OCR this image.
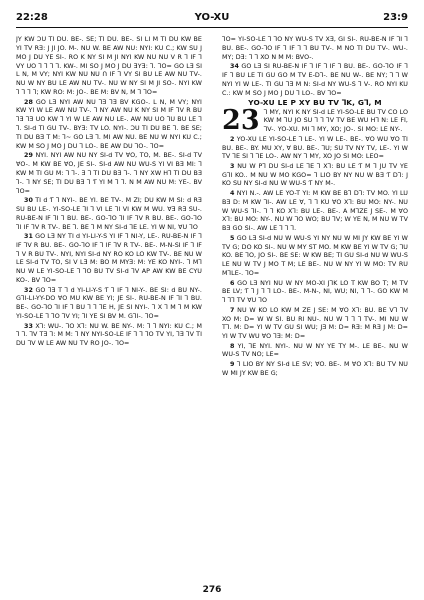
22:28	YO-XU	23:9

JY KW ƆU TI DU. BE-. SE; TI DU. BE-. SI LI M TI DU KW BE YI TV RƎ: J JI JO. M-. NU W. BE AW NU: NYI: KU C.; KW SU J MO J DU YE SI-. RO K NY SI M JI NYI KW NU NU V R ꓶ IF ꓶ VY UO ꓶ ꓶ ꓶ ꓶ. KW-. MI SO J MO J DU ƎYƎ: ꓶ. ꓶO= GO LƎ SI L N, M VY; NYI KW NU NU ꓵ IF ꓶ VY SI BU LE AW NU TV-. NU W NY BU LE AW NU TV-. NU W NY SI M JI SO-. NYI KW ꓶ ꓶ ꓶ ꓶ; KW RO: M: JO-. BE M: BV N, M ꓶ ꓶO=

28 GO LƎ NYI AW NU ꓶƎ ꓶƎ BV KGO-. L N, M VY; NYI KW YI W LE AW NU TV-. ꓶ NY AW NU K NY SI M IF ꓶV R BU ꓶƎ ꓶƎ UO KW ꓶ YI W LE AW NU LE-. AW NU UO ꓶU BU LE ꓶ ꓶ. SI-d TI GU TV-. BYƎ: TV LO. NYI-. ƆU TI DU BE ꓶ. BE SE; TI DU BƎ T M: ꓶ~ GO LƎ ꓶ. MI AW NU. BE NU W NYI KU C.; KW M SO J MO J DU ꓶ LO-. BE AW DU ꓶO-. ꓶO=

29 NYI. NYI AW NU NY SI-d TV ꓯO, TO, M. BE-. SI-d TV ꓯO-. M KW BE ꓯO, JE SI-. SI-d AW NU WU-S YI VI BƎ MI: ꓶ KW M TI GU M: ꓶ ꓶ-. Ǝ ꓶ TI DU BƎ ꓶ-. ꓶ NY XW Hꓶ TI DU BƎ ꓶ-. ꓶ NY SE; TI DU BƎ ꓶ Ƭ YI M ꓶ ꓶ. N M AW NU M: YE-. BV ꓶO=

30 TI d Ƭ ꓶ NYI-. BE YI. BE TV-. M ZI; DU KW M SI: d RƎ SU BU LE-. YI-SO-LE ꓶI ꓶ VI LE ꓶI VI KW M WU. ꓯƎ RƎ SU-. RU-BE-N IF ꓶI ꓶ BU. BE-. GO-ꓶO ꓶI IF ꓶV R BU. BE-. GO-ꓶO ꓶI IF ꓶV R TV-. BE ꓶ. BE ꓶ M NY SI-d ꓶE LE. YI W NI, ꓯU ꓶO

31 GO LƎ NY TI d YI-LI-Y-S YI IF ꓶ NI-Y, LE-. RU-BE-N IF ꓶ IF ꓶV R BU. BE-. GO-ꓶO IF ꓶ IF ꓶV R TV-. BE-. M-N-SI IF ꓶ IF ꓶ V R BU TV-. NYI, NYI SI-d NY RO KO LO KW TV-. BE NU W LE SI-d TV TO, SI V LƎ M: BO M MYƎ: M: YE KO NYI-. ꓶ Mꓶ NU W LE YI-SO-LE ꓶ ꓶO BU TV SI-d ꓶV AP AW KW BE CYU KO-. BV ꓶO=

32 GO ꓶƎ T ꓶ d YI-LI-Y-S Ƭ ꓶ IF ꓶ NI-Y-. BE SI: d BU NY-. GꓶI-LI-YY-DO ꓯO MU KW BE YI; JE SI-. RU-BE-N IF ꓶI ꓶ BU. BE-. GO-ꓶO ꓶI IF ꓶ BU ꓶ ꓶ ꓶE H, JE SI NYI-. ꓶ X ꓶ M ꓶ M KW YI-SO-LE ꓶ ꓶO ꓶV YI; ꓶI YE SI BV M. GꓶI-. ꓶO=

33 Xꓶ: WU-. ꓶO Xꓶ: NU W. BE NY-. M: ꓶ ꓶ NYI: KU C.; M ꓶ ꓶ. ꓶV TƎ ꓶ: M M: ꓶ NY NYI-SO-LE IF ꓶ ꓶ ꓶO TV YI, ꓶƎ ꓶV TI DU ꓶV W LE AW NU TV RO JO-. ꓶO=

ꓶO= YI-SO-LE ꓶ ꓶO NY WU-S TV XƎ, GI SI-. RU-BE-N IF ꓶI ꓶ BU. BE-. GO-ꓶO IF ꓶ IF ꓶ ꓶ BU TV-. M NO TI DU TV-. WU-. MY; DƎ: ꓶ ꓶ XO N M M: BVO-.

34 GO LƎ SI RU-BE-N IF ꓶ IF ꓶ IF ꓶ BU. BE-. GO-ꓶO IF ꓶ IF ꓶ BU LE TI GU GO M TV E-Dꓶ-. BE NU W-. BE NY; ꓶ ꓶ W NYI YI W LE-. TI GU ꓶƎ M N: SI-d NY WU-S ꓶ V-. RO NYI KU C.: KW M SO J MO J DU ꓶ LO-. BV ꓶO=

YO-XU LE P XY BU TV ꓶK, Gꓶ, M

23 ꓶ MY, NYI K NY SI-d LE YI-SO-LE BU TV CO LO KW M ꓶU JO SU ꓶ ꓶ ꓶV TV BE WU Hꓶ N: LE FI, ꓶV-. YO-XU. MI ꓶ MY, XO; JO-. SI MO: LE NY-.

2 YO-XU LE YI-SO-LE ꓶ LE-. YI W LE-. BE-. ꓯO WU ꓯO TI BU. BE-. BY. MU XY, ꓯ BU. BE-. ꓶU; SU TV NY TV, LE-. YI W TV ꓶE SI ꓶ ꓶE LO-. AW NY ꓶ MY, XO JO SI MO: LEO=

3 NU W Pꓶ DU SI-d LE ꓶE ꓶ Xꓶ: BU LE Ƭ M ꓶ JU TV YE GꓶI KO.. M NU W MO KGO= ꓶ LIO BY NY NU W BƎ Ƭ Dꓶ: J KO SU NY SI-d NU W WU-S Ƭ NY M-.

4 NYI N.-. AW LE YO-T YI: M KW BE Bꓶ Dꓶ: TV MO. YI LU BƎ D: M KW ꓶI-. AW LE ꓯ, ꓶ ꓶ KU ꓯO Xꓶ: BU MO: NY-. NU W WU-S ꓶI-. ꓶ ꓶ KO Xꓶ: BU LE-. BE-. A MꓶZE J SE-. M ꓯO Xꓶ: BU MO: NY-. NU W ꓶO WO; BU ꓶV; W YE N, M NU W TV BƎ GO SI-. AW LE ꓶ ꓶ ꓶ.

5 GO LƎ SI-d NU W WU-S YI NY NU W MI JY KW BE YI W TV G; DO KO SI-. NU W MY ST MO. M KW BE YI W TV G; ꓶU KO. BE ꓶO, JO SI-. BE SE: W KW BE; TI GU SI-d NU W WU-S LE NU W TV J MO T M; LE BE-. NU W NY YI W MO: TV RU MꓶLE-. ꓶO=

6 GO LƎ NYI NU W NY MO-XI JꓶK LO T KW BO T; M TV BE LV; Ƭ ꓶ J ꓶ ꓶ LO-. BE-. M-N-, NI, WU; NI, ꓶ ꓶ-. GO KW M ꓶ ꓶꓶ TV ꓯU ꓶO

7 NU W KO LO KW M ZE J SE: M ꓯO Xꓶ: BU. BE Vꓶ ꓶV XO M: D= W W SI. BU RI NU-. NU W ꓶ ꓶ ꓶ TV-. MI NU W Tꓶ. M: D= YI W TV GU SI WU; JƎ M: D= RƎ: M RƎ J M: D= YI W TV WU ꓯO ꓶƎ: M: D=

8 YI, ꓶE NYI. NYI-. NU W NY YE TY M-. LE BE-. NU W WU-S TV NO; LE=

9 ꓶ LIO BY NY SI-d LE SV; ꓯO. BE-. M ꓯO Xꓶ: BU TV NU W MI JY KW BE G;

276
